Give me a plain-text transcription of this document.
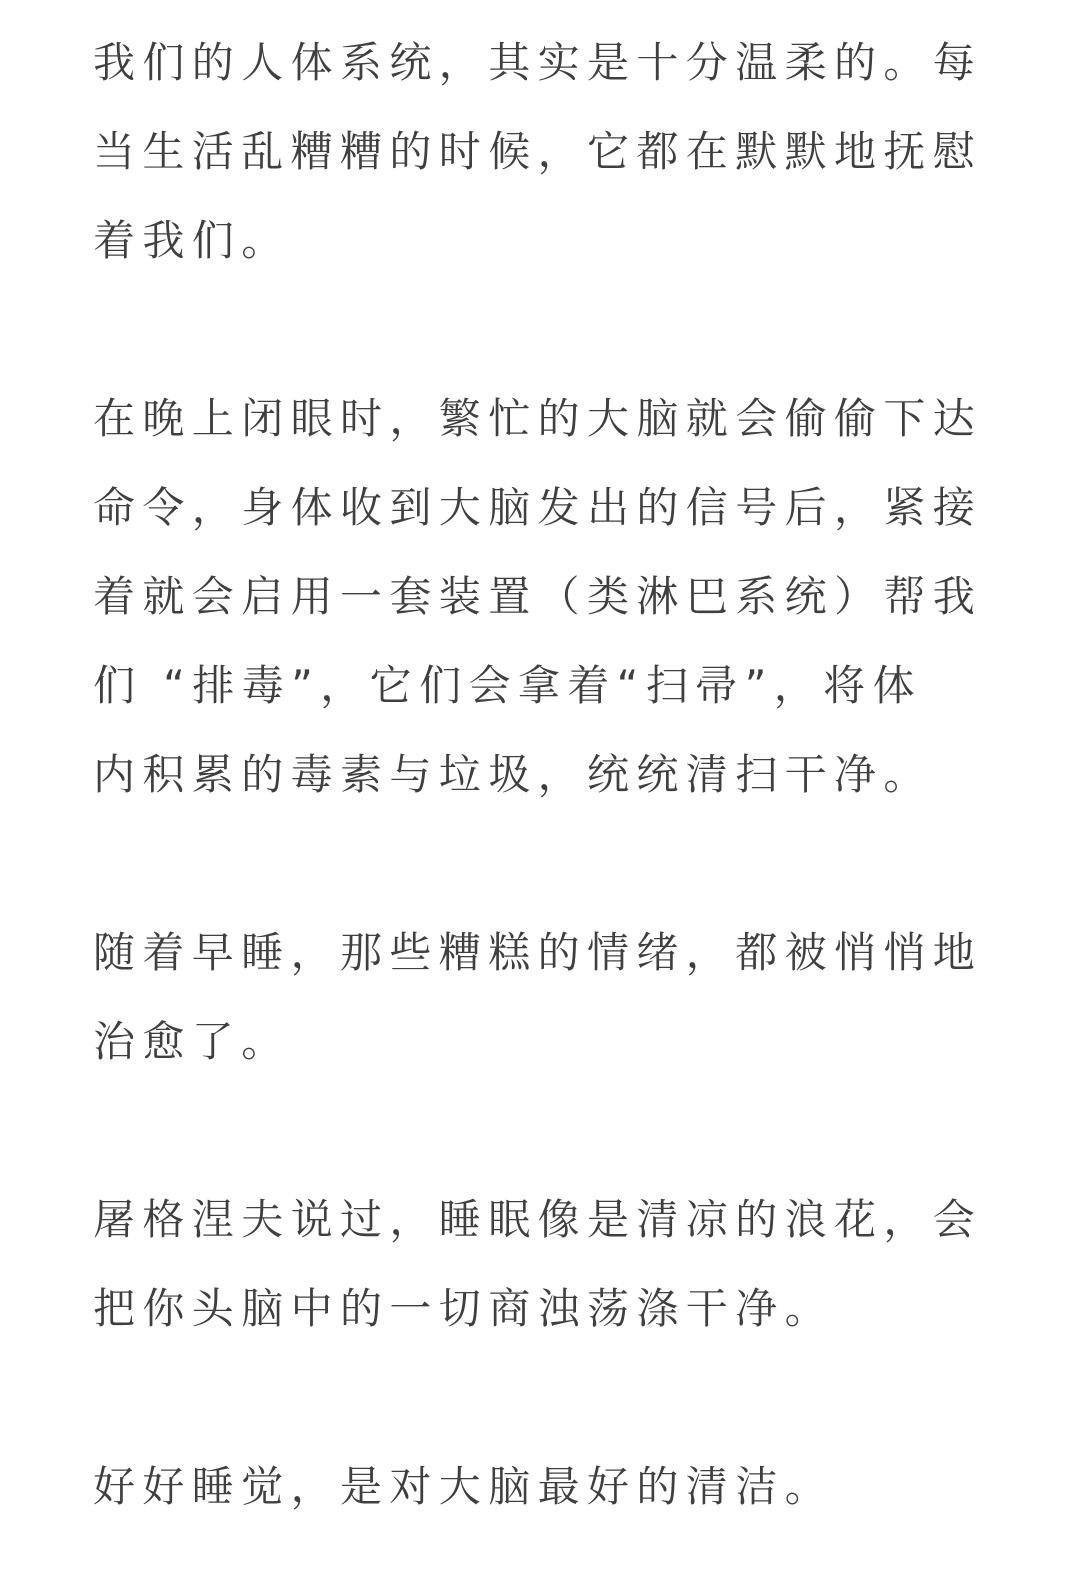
我们的人体系统，其实是十分温柔的。每
当生活乱糟糟的时候，它都在默默地抚慰
着我们。

在晚上闭眼时，繁忙的大脑就会偷偷下达
命令，身体收到大脑发出的信号后，紧接
着就会启用一套装置（类淋巴系统）帮我
们 “排毒”，它们会拿着“扫帚”，将体
内积累的毒素与垃圾，统统清扫干净。

随着早睡，那些糟糕的情绪，都被悄悄地
治愈了。

屠格涅夫说过，睡眠像是清凉的浪花，会
把你头脑中的一切商浊荡涤干净。

好好睡觉，是对大脑最好的清洁。
